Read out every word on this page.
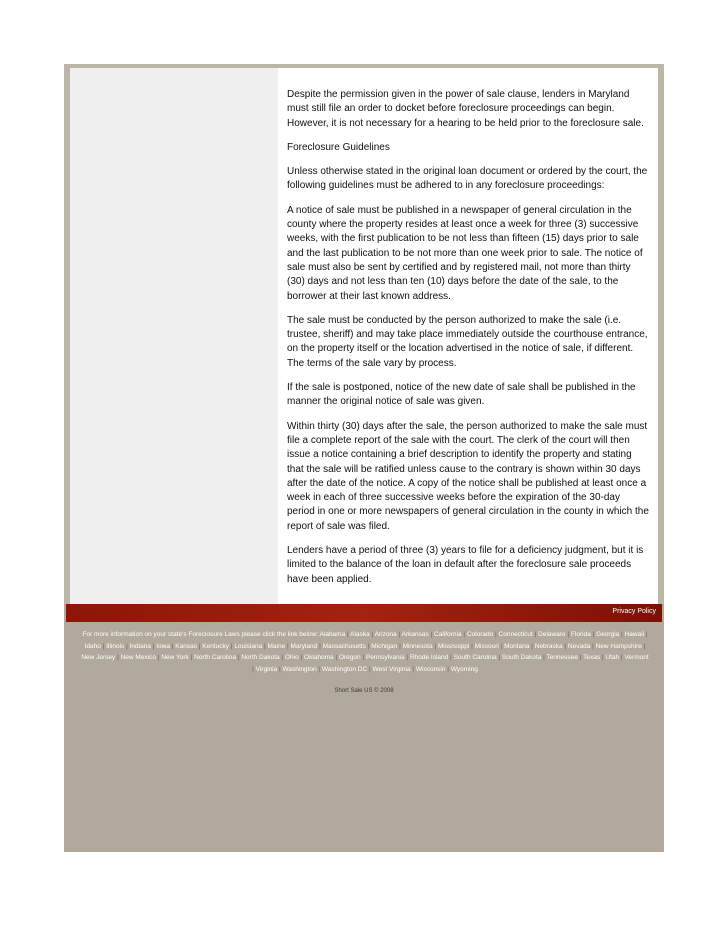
Despite the permission given in the power of sale clause, lenders in Maryland must still file an order to docket before foreclosure proceedings can begin. However, it is not necessary for a hearing to be held prior to the foreclosure sale.

Foreclosure Guidelines

Unless otherwise stated in the original loan document or ordered by the court, the following guidelines must be adhered to in any foreclosure proceedings:

A notice of sale must be published in a newspaper of general circulation in the county where the property resides at least once a week for three (3) successive weeks, with the first publication to be not less than fifteen (15) days prior to sale and the last publication to be not more than one week prior to sale. The notice of sale must also be sent by certified and by registered mail, not more than thirty (30) days and not less than ten (10) days before the date of the sale, to the borrower at their last known address.

The sale must be conducted by the person authorized to make the sale (i.e. trustee, sheriff) and may take place immediately outside the courthouse entrance, on the property itself or the location advertised in the notice of sale, if different. The terms of the sale vary by process.

If the sale is postponed, notice of the new date of sale shall be published in the manner the original notice of sale was given.

Within thirty (30) days after the sale, the person authorized to make the sale must file a complete report of the sale with the court. The clerk of the court will then issue a notice containing a brief description to identify the property and stating that the sale will be ratified unless cause to the contrary is shown within 30 days after the date of the notice. A copy of the notice shall be published at least once a week in each of three successive weeks before the expiration of the 30-day period in one or more newspapers of general circulation in the county in which the report of sale was filed.

Lenders have a period of three (3) years to file for a deficiency judgment, but it is limited to the balance of the loan in default after the foreclosure sale proceeds have been applied.

Privacy Policy
For more information on your state's Foreclosure Laws please click the link below: Alabama | Alaska | Arizona | Arkansas | California | Colorado | Connecticut | Delaware | Florida | Georgia | Hawaii | Idaho | Illinois | Indiana | Iowa | Kansas | Kentucky | Louisiana | Maine | Maryland | Massachusetts | Michigan | Minnesota | Mississippi | Missouri | Montana | Nebraska | Nevada | New Hampshire | New Jersey | New Mexico | New York | North Carolina | North Dakota | Ohio | Oklahoma | Oregon | Pennsylvania | Rhode Island | South Carolina | South Dakota | Tennessee | Texas | Utah | Vermont | Virginia | Washington | Washington DC | West Virginia | Wisconsin | Wyoming
Short Sale US © 2008
